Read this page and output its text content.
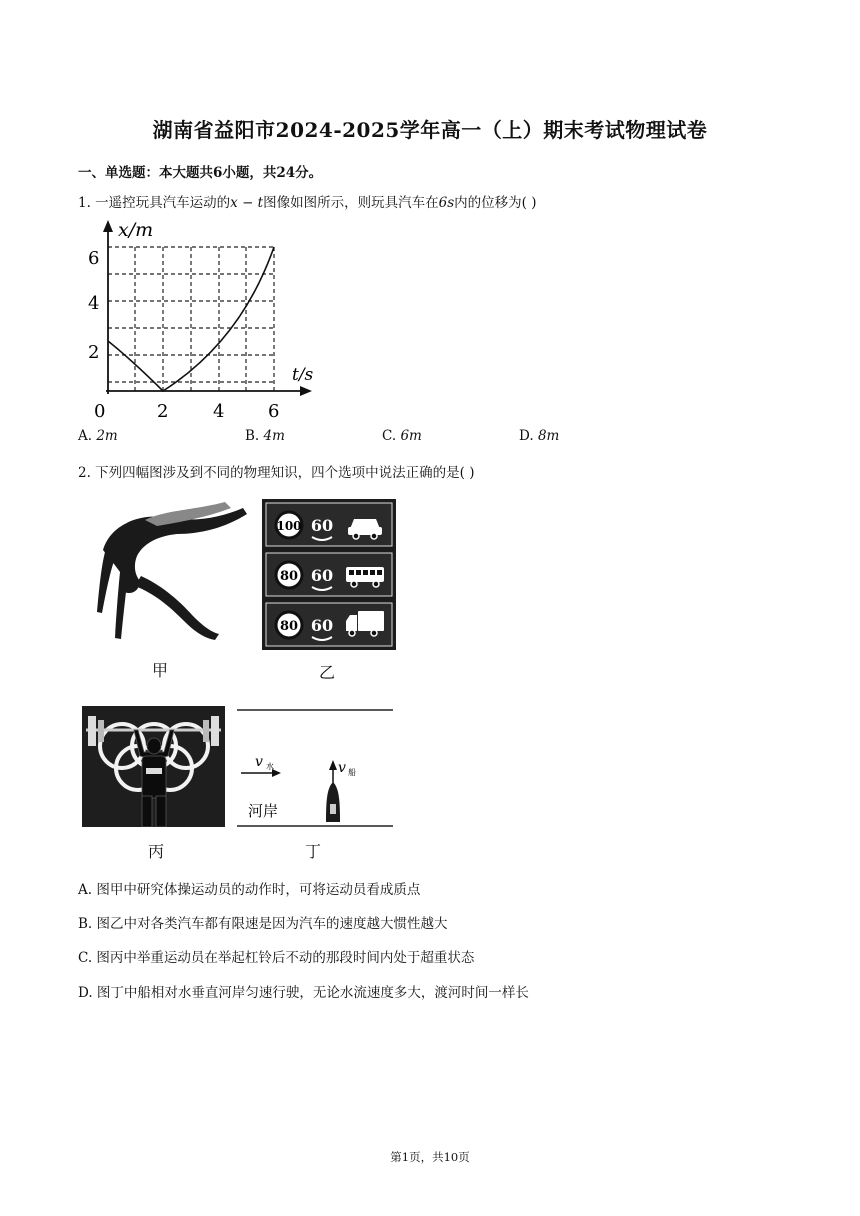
湖南省益阳市2024-2025学年高一（上）期末考试物理试卷
一、单选题：本大题共6小题，共24分。
1. 一遥控玩具汽车运动的x − t图像如图所示，则玩具汽车在6s内的位移为( )
x/m
t/s
6
4
2
0	2 4 6
A. 2m	B. 4m	C. 6m	D. 8m
2. 下列四幅图涉及到不同的物理知识，四个选项中说法正确的是( )
甲
100 60
80 60
80 60
乙
丙
v 水	v 船
河岸
丁
A. 图甲中研究体操运动员的动作时，可将运动员看成质点
B. 图乙中对各类汽车都有限速是因为汽车的速度越大惯性越大
C. 图丙中举重运动员在举起杠铃后不动的那段时间内处于超重状态
D. 图丁中船相对水垂直河岸匀速行驶，无论水流速度多大，渡河时间一样长
第1页，共10页
